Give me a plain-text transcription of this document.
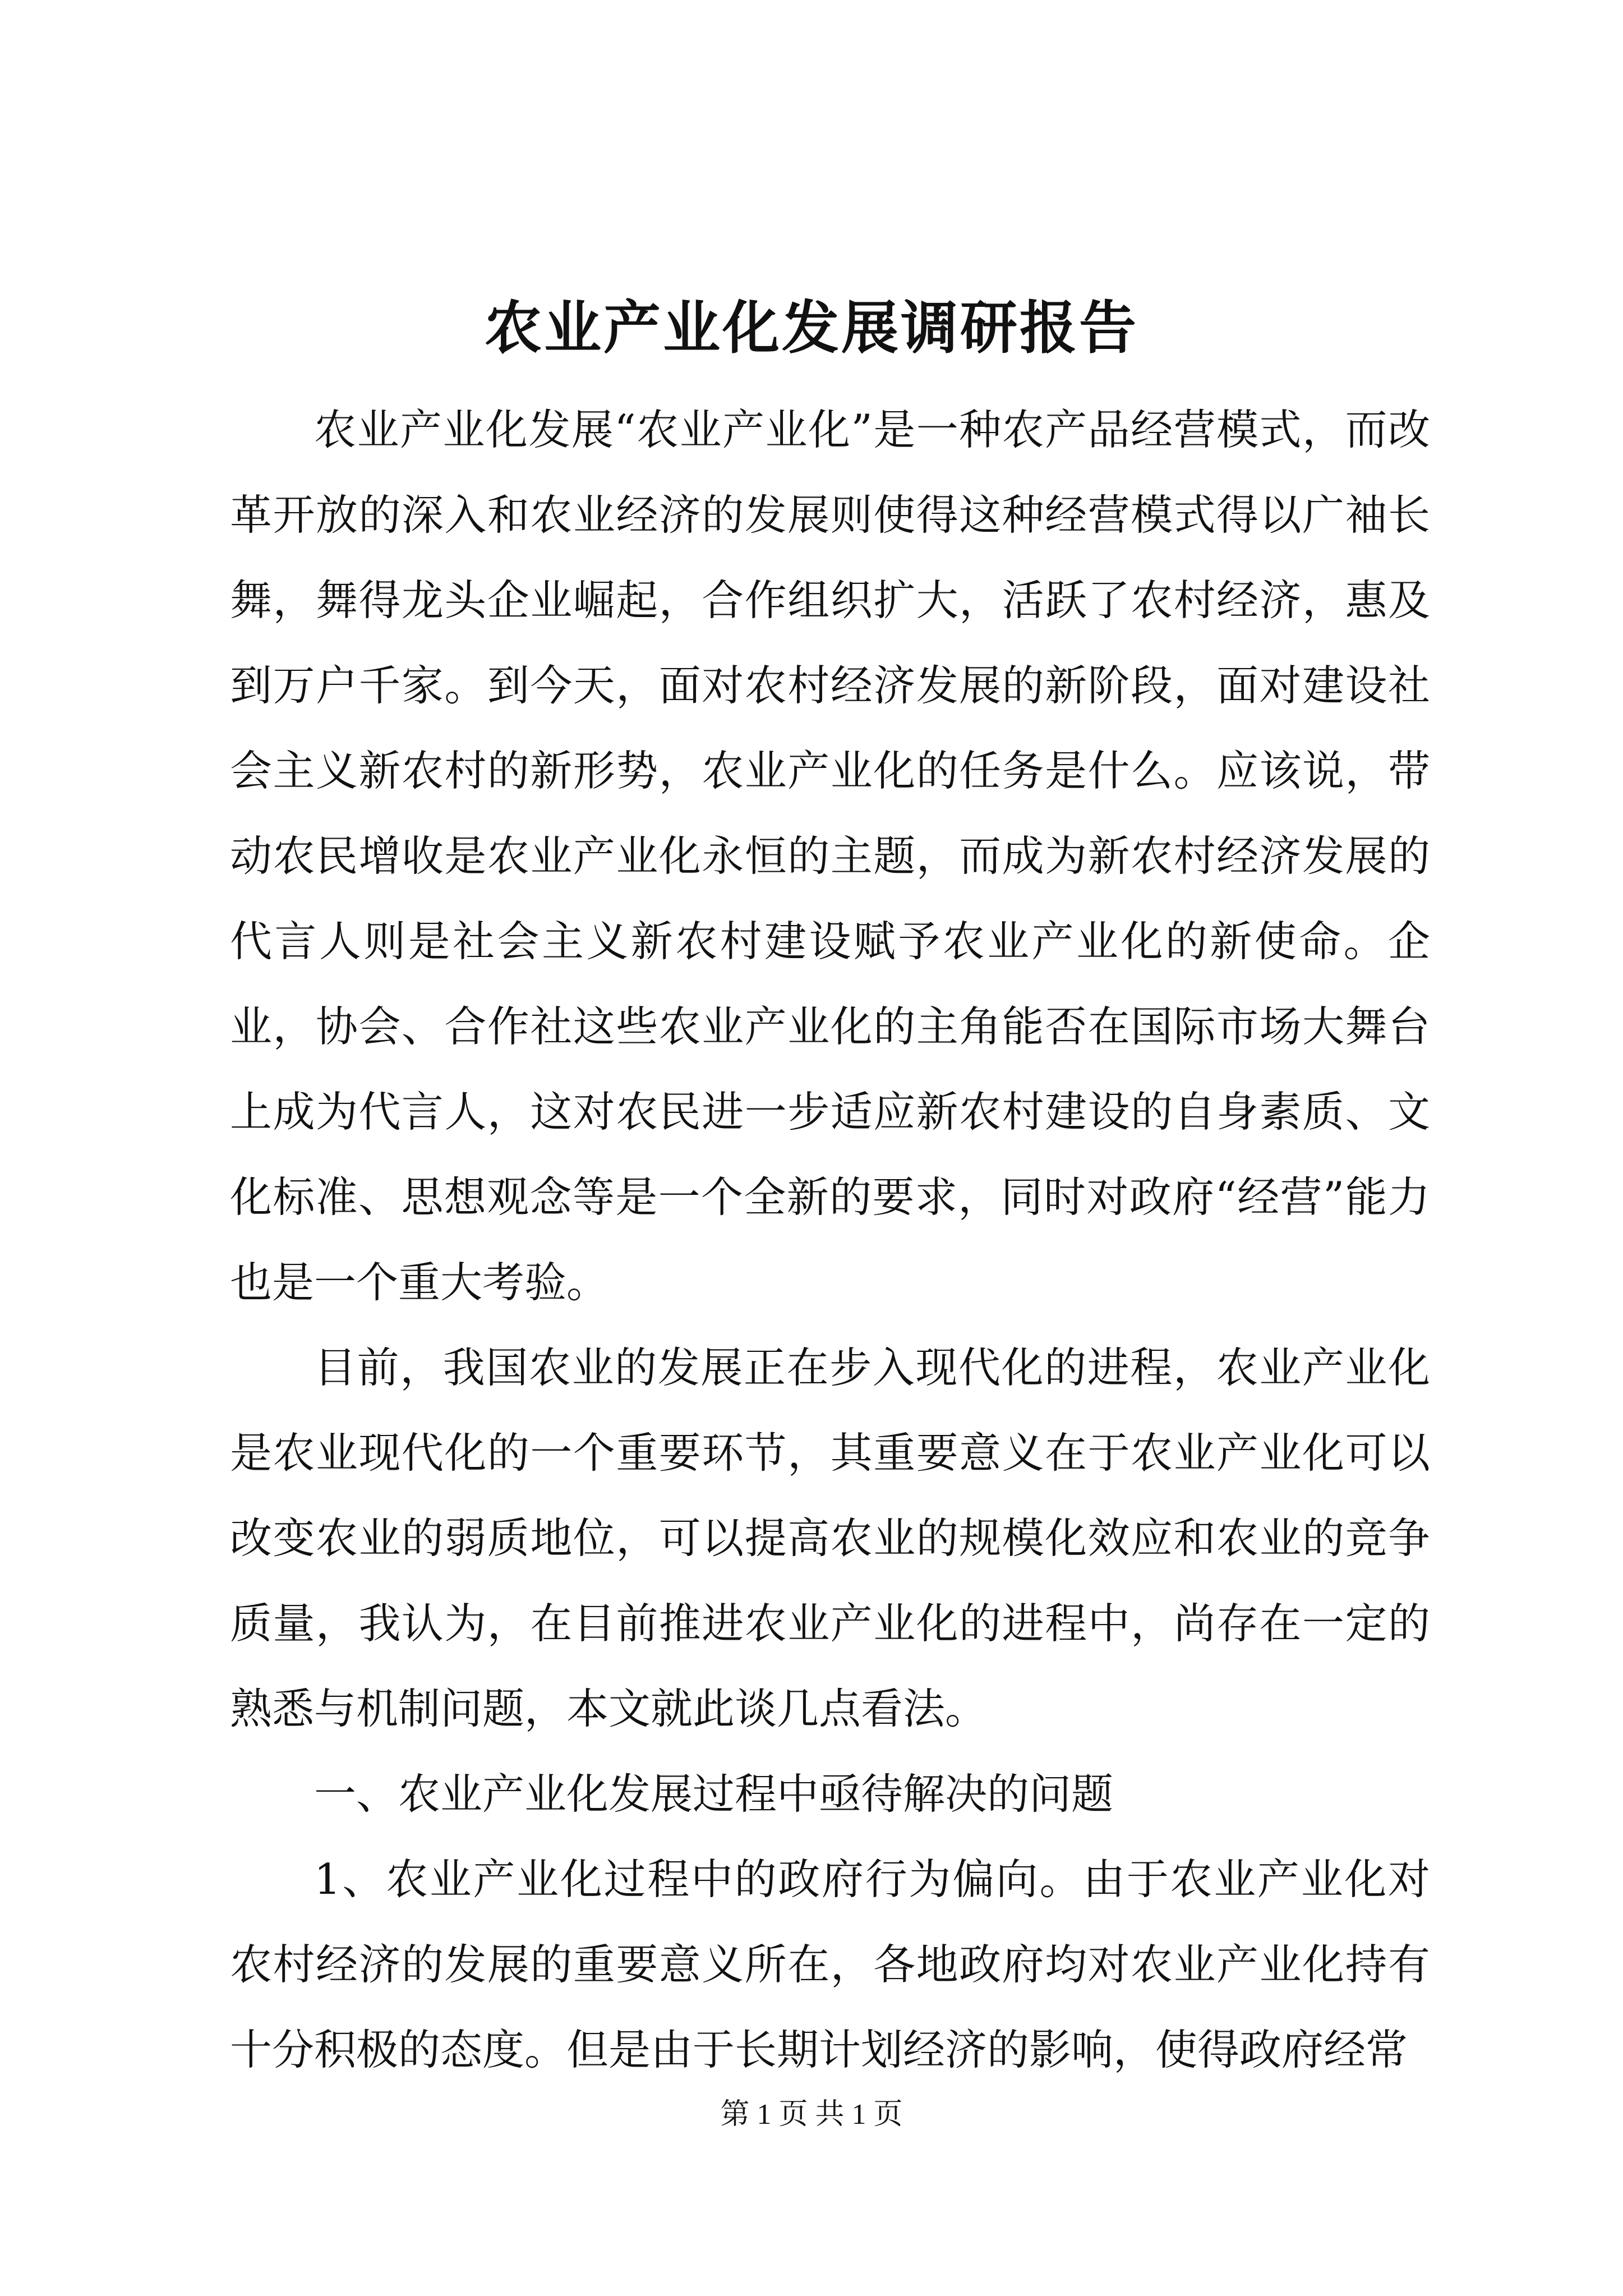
农业产业化发展调研报告

农业产业化发展“农业产业化”是一种农产品经营模式，而改革开放的深入和农业经济的发展则使得这种经营模式得以广袖长舞，舞得龙头企业崛起，合作组织扩大，活跃了农村经济，惠及到万户千家。到今天，面对农村经济发展的新阶段，面对建设社会主义新农村的新形势，农业产业化的任务是什么。应该说，带动农民增收是农业产业化永恒的主题，而成为新农村经济发展的代言人则是社会主义新农村建设赋予农业产业化的新使命。企业，协会、合作社这些农业产业化的主角能否在国际市场大舞台上成为代言人，这对农民进一步适应新农村建设的自身素质、文化标准、思想观念等是一个全新的要求，同时对政府“经营”能力也是一个重大考验。

目前，我国农业的发展正在步入现代化的进程，农业产业化是农业现代化的一个重要环节，其重要意义在于农业产业化可以改变农业的弱质地位，可以提高农业的规模化效应和农业的竞争质量，我认为，在目前推进农业产业化的进程中，尚存在一定的熟悉与机制问题，本文就此谈几点看法。

一、农业产业化发展过程中亟待解决的问题

1、农业产业化过程中的政府行为偏向。由于农业产业化对农村经济的发展的重要意义所在，各地政府均对农业产业化持有十分积极的态度。但是由于长期计划经济的影响，使得政府经常

第 1 页 共 1 页
